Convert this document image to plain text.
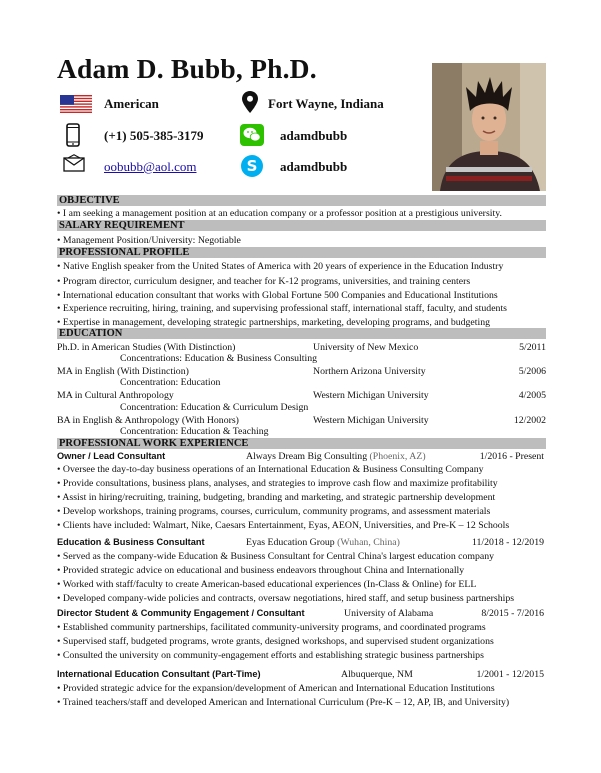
Adam D. Bubb, Ph.D.
American	Fort Wayne, Indiana
(+1) 505-385-3179	adamdbubb
oobubb@aol.com	S adamdbubb
OBJECTIVE
• I am seeking a management position at an education company or a professor position at a prestigious university.
SALARY REQUIREMENT
• Management Position/University: Negotiable
PROFESSIONAL PROFILE
• Native English speaker from the United States of America with 20 years of experience in the Education Industry
• Program director, curriculum designer, and teacher for K-12 programs, universities, and training centers
• International education consultant that works with Global Fortune 500 Companies and Educational Institutions
• Experience recruiting, hiring, training, and supervising professional staff, international staff, faculty, and students
• Expertise in management, developing strategic partnerships, marketing, developing programs, and budgeting
EDUCATION
Ph.D. in American Studies (With Distinction)	University of New Mexico	5/2011
Concentrations: Education & Business Consulting
MA in English (With Distinction)	Northern Arizona University	5/2006
Concentration: Education
MA in Cultural Anthropology	Western Michigan University	4/2005
Concentration: Education & Curriculum Design
BA in English & Anthropology (With Honors)	Western Michigan University	12/2002
Concentration: Education & Teaching
PROFESSIONAL WORK EXPERIENCE
Owner / Lead Consultant	Always Dream Big Consulting (Phoenix, AZ)	1/2016 - Present
• Oversee the day-to-day business operations of an International Education & Business Consulting Company
• Provide consultations, business plans, analyses, and strategies to improve cash flow and maximize profitability
• Assist in hiring/recruiting, training, budgeting, branding and marketing, and strategic partnership development
• Develop workshops, training programs, courses, curriculum, community programs, and assessment materials
• Clients have included: Walmart, Nike, Caesars Entertainment, Eyas, AEON, Universities, and Pre-K – 12 Schools
Education & Business Consultant	Eyas Education Group (Wuhan, China)	11/2018 - 12/2019
• Served as the company-wide Education & Business Consultant for Central China's largest education company
• Provided strategic advice on educational and business endeavors throughout China and Internationally
• Worked with staff/faculty to create American-based educational experiences (In-Class & Online) for ELL
• Developed company-wide policies and contracts, oversaw negotiations, hired staff, and setup business partnerships
Director Student & Community Engagement / Consultant	University of Alabama	8/2015 - 7/2016
• Established community partnerships, facilitated community-university programs, and coordinated programs
• Supervised staff, budgeted programs, wrote grants, designed workshops, and supervised student organizations
• Consulted the university on community-engagement efforts and establishing strategic business partnerships
International Education Consultant (Part-Time)	Albuquerque, NM	1/2001 - 12/2015
• Provided strategic advice for the expansion/development of American and International Education Institutions
• Trained teachers/staff and developed American and International Curriculum (Pre-K – 12, AP, IB, and University)
